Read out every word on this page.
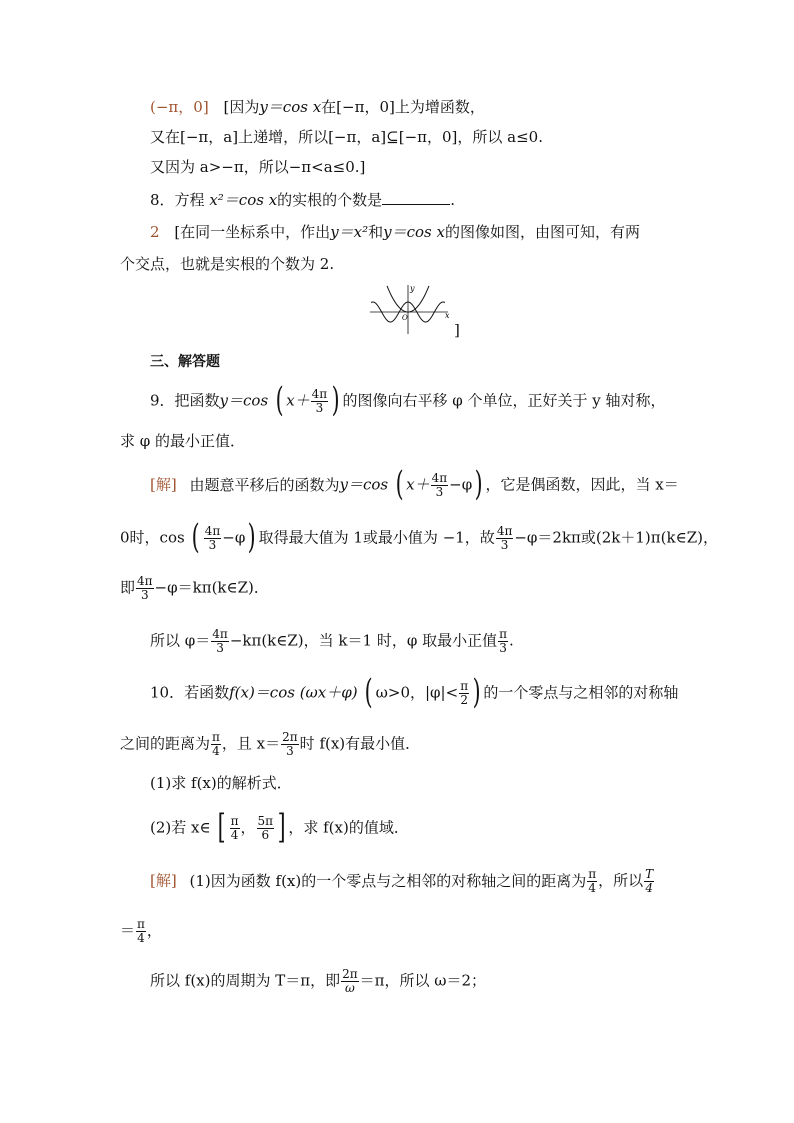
(−π，0] [因为y＝cos x在[−π，0]上为增函数，
又在[−π，a]上递增，所以[−π，a]⊆[−π，0]，所以 a≤0.
又因为 a>−π，所以−π<a≤0.]
8．方程 x²＝cos x的实根的个数是	.
2 [在同一坐标系中，作出y＝x²和y＝cos x的图像如图，由图可知，有两
个交点，也就是实根的个数为 2.
y
x
O
]
三、解答题
9．把函数y＝cos ( $x+ \frac{4\pi}{3}$ ) 的图像向右平移 φ 个单位，正好关于 y 轴对称，
求 φ 的最小正值．
[解] 由题意平移后的函数为y＝cos ( $x+ \frac{4\pi}{3} -\varphi$) ，它是偶函数，因此，当 x＝
0时，cos ( $\frac{4\pi}{3} -\varphi$) 取得最大值为 1或最小值为 −1，故 $\frac{4\pi}{3} -\varphi=2k\pi$或(2k＋1)π(k∈Z)，
即 $\frac{4\pi}{3}$ −φ＝kπ(k∈Z)．
所以 $\varphi= \frac{4\pi}{3}$ −kπ(k∈Z)，当 k＝1 时，φ 取最小正值 $\frac{\pi}{3}$ .
10．若函数f(x)＝cos (ωx＋φ) ( ω>0，$|\varphi|< \frac{\pi}{2}$ ) 的一个零点与之相邻的对称轴
之间的距离为 $\frac{\pi}{4}$ ，且 $x= \frac{2\pi}{3}$ 时 f(x)有最小值．
(1)求 f(x)的解析式．
(2)若 x∈ [ $\frac{\pi}{4}$ ， $\frac{5\pi}{6}$ ] ，求 f(x)的值域．
[解] (1)因为函数 f(x)的一个零点与之相邻的对称轴之间的距离为 $\frac{\pi}{4}$ ，所以 $\frac{T}{4}$
＝ $\frac{\pi}{4}$ ，
所以 f(x)的周期为 T＝π，即 $\frac{2\pi}{\omega} =\pi$，所以 ω＝2；
